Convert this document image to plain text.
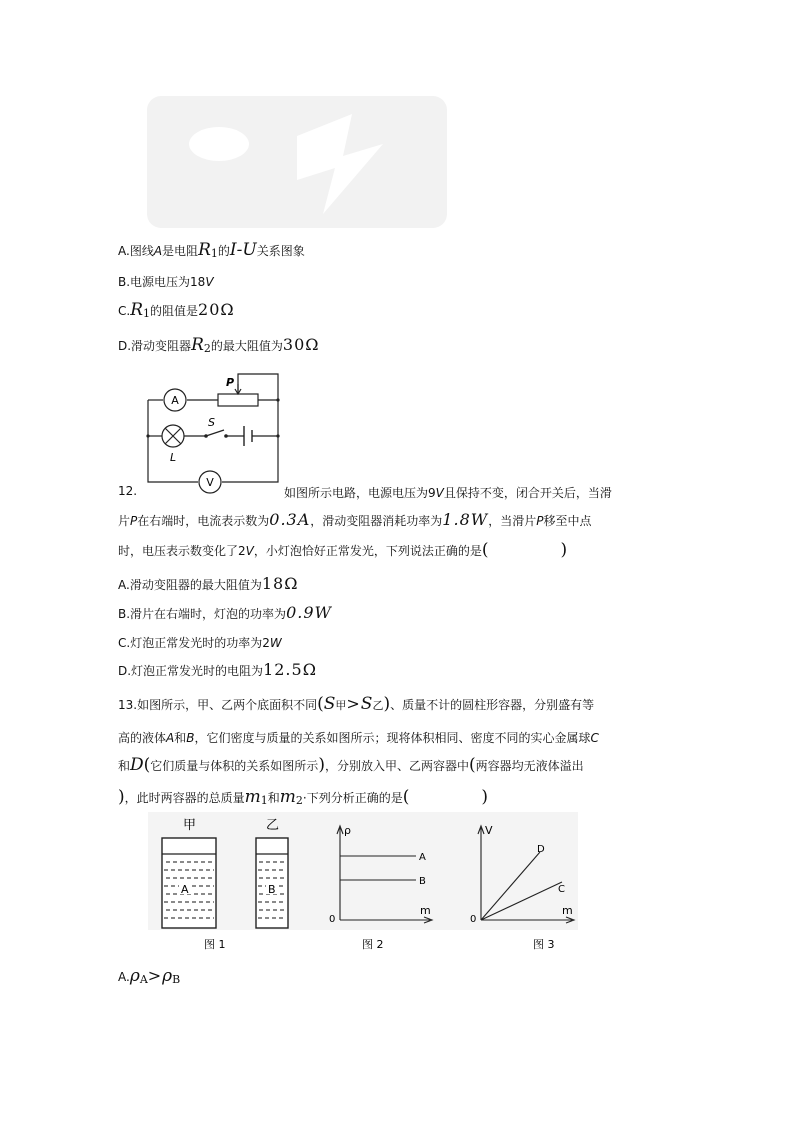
A.图线A是电阻R1的I-U关系图象
B.电源电压为18V
C.R1的阻值是20Ω
D.滑动变阻器R2的最大阻值为30Ω
A
P
L
S
V
12.	如图所示电路，电源电压为9V且保持不变，闭合开关后，当滑
片P在右端时，电流表示数为0.3A，滑动变阻器消耗功率为1.8W，当滑片P移至中点
时，电压表示数变化了2V，小灯泡恰好正常发光，下列说法正确的是(	)
A.滑动变阻器的最大阻值为18Ω
B.滑片在右端时，灯泡的功率为0.9W
C.灯泡正常发光时的功率为2W
D.灯泡正常发光时的电阻为12.5Ω
13.如图所示，甲、乙两个底面积不同(S甲>S乙)、质量不计的圆柱形容器，分别盛有等
高的液体A和B，它们密度与质量的关系如图所示；现将体积相同、密度不同的实心金属球C
和D(它们质量与体积的关系如图所示)，分别放入甲、乙两容器中(两容器均无液体溢出
)，此时两容器的总质量m1和m2·下列分析正确的是(	)
甲
A
乙
B
ρ
m
0
A
B
V
m
0
D
C
图 1	图 2	图 3
A.ρA>ρB
